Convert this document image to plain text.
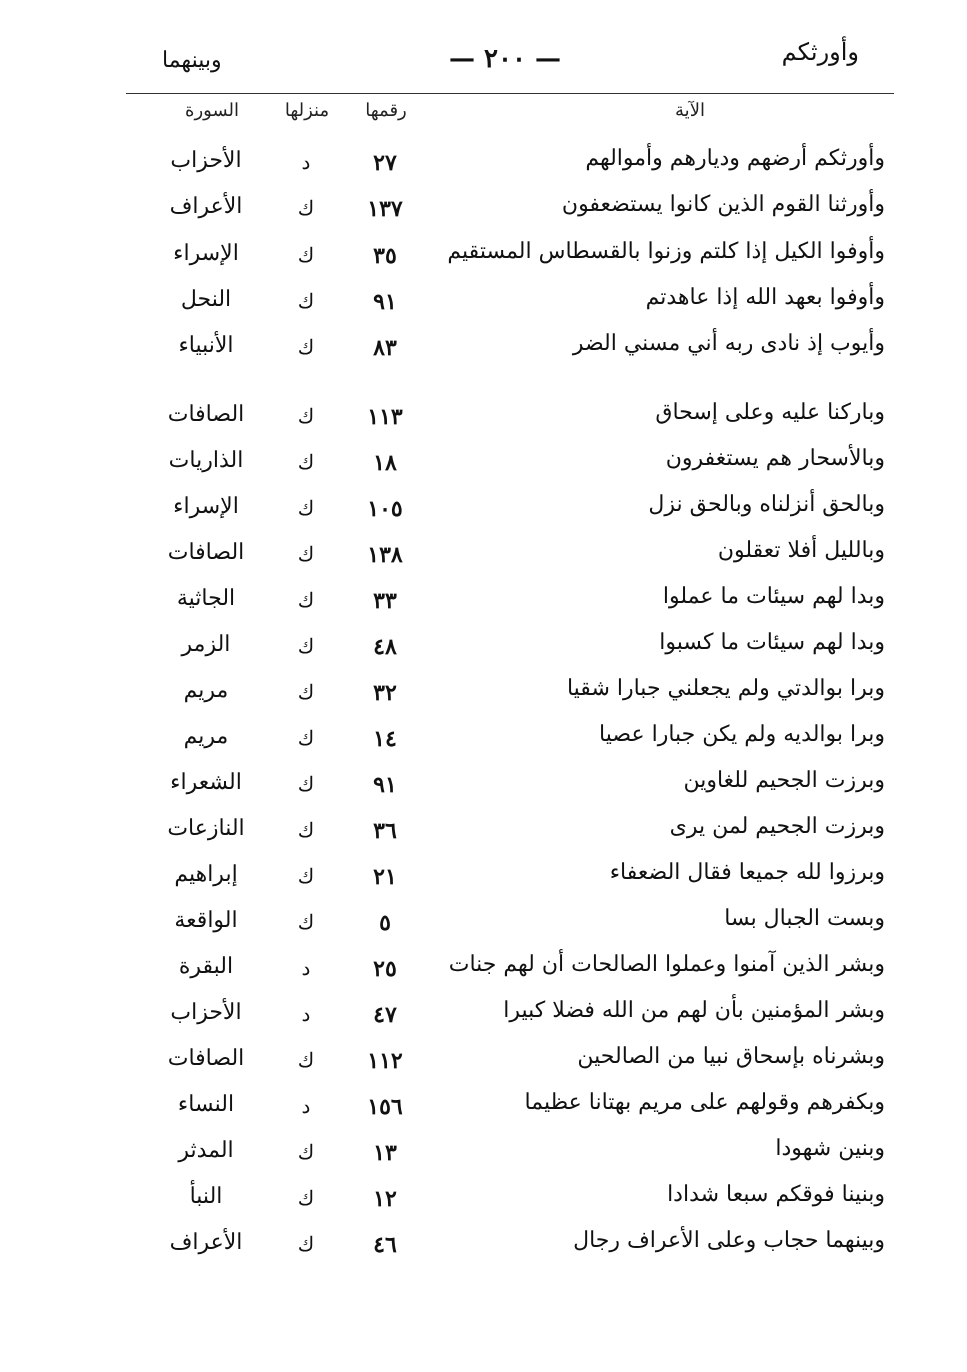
وأورثكم
— ٢٠٠ —
وبينهما
الآية
رقمها
منزلها
السورة
وأورثكم أرضهم وديارهم وأموالهم
٢٧
د
الأحزاب
وأورثنا القوم الذين كانوا يستضعفون
١٣٧
ك
الأعراف
وأوفوا الكيل إذا كلتم وزنوا بالقسطاس المستقيم
٣٥
ك
الإسراء
وأوفوا بعهد الله إذا عاهدتم
٩١
ك
النحل
وأيوب إذ نادى ربه أني مسني الضر
٨٣
ك
الأنبياء
وباركنا عليه وعلى إسحاق
١١٣
ك
الصافات
وبالأسحار هم يستغفرون
١٨
ك
الذاريات
وبالحق أنزلناه وبالحق نزل
١٠٥
ك
الإسراء
وبالليل أفلا تعقلون
١٣٨
ك
الصافات
وبدا لهم سيئات ما عملوا
٣٣
ك
الجاثية
وبدا لهم سيئات ما كسبوا
٤٨
ك
الزمر
وبرا بوالدتي ولم يجعلني جبارا شقيا
٣٢
ك
مريم
وبرا بوالديه ولم يكن جبارا عصيا
١٤
ك
مريم
وبرزت الجحيم للغاوين
٩١
ك
الشعراء
وبرزت الجحيم لمن يرى
٣٦
ك
النازعات
وبرزوا لله جميعا فقال الضعفاء
٢١
ك
إبراهيم
وبست الجبال بسا
٥
ك
الواقعة
وبشر الذين آمنوا وعملوا الصالحات أن لهم جنات
٢٥
د
البقرة
وبشر المؤمنين بأن لهم من الله فضلا كبيرا
٤٧
د
الأحزاب
وبشرناه بإسحاق نبيا من الصالحين
١١٢
ك
الصافات
وبكفرهم وقولهم على مريم بهتانا عظيما
١٥٦
د
النساء
وبنين شهودا
١٣
ك
المدثر
وبنينا فوقكم سبعا شدادا
١٢
ك
النبأ
وبينهما حجاب وعلى الأعراف رجال
٤٦
ك
الأعراف
